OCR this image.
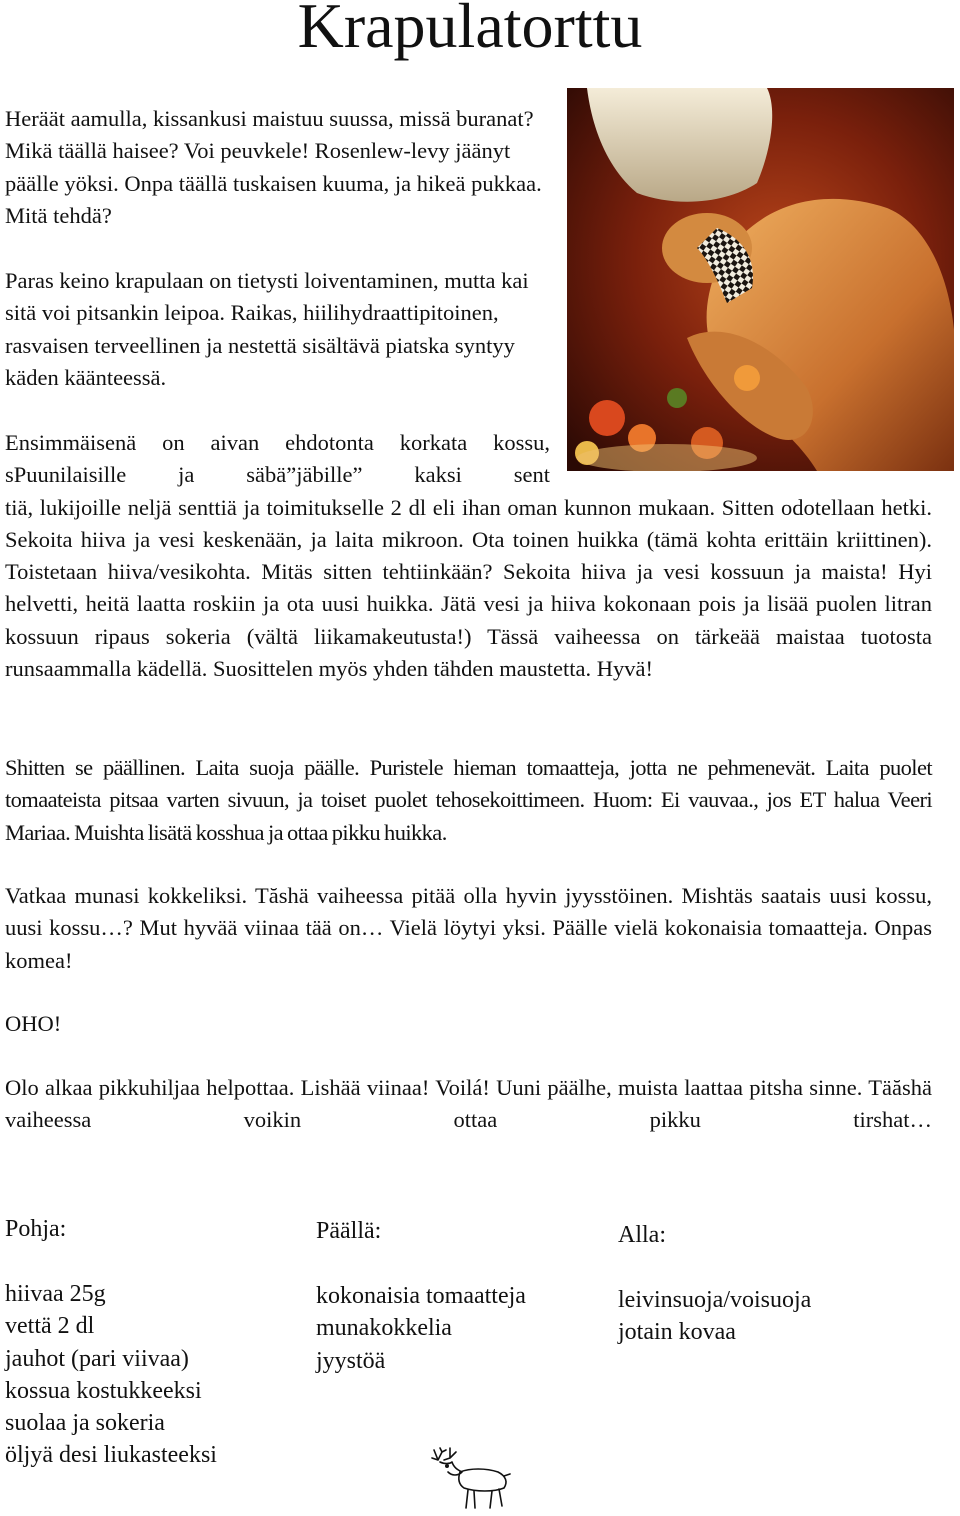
Krapulatorttu

Heräät aamulla, kissankusi maistuu suussa, missä buranat? Mikä täällä haisee? Voi peuvkele! Rosenlew-levy jäänyt päälle yöksi. Onpa täällä tuskaisen kuuma, ja hikeä pukkaa. Mitä tehdä?

Paras keino krapulaan on tietysti loiventaminen, mutta kai sitä voi pitsankin leipoa. Raikas, hiilihydraattipitoinen, rasvaisen terveellinen ja nestettä sisältävä piatska syntyy käden käänteessä.

Ensimmäisenä on aivan ehdotonta korkata kossu, sPuunilaisille ja säbä”jäbille” kaksi sent
tiä, lukijoille neljä senttiä ja toimitukselle 2 dl eli ihan oman kunnon mukaan. Sitten odotellaan hetki. Sekoita hiiva ja vesi keskenään, ja laita mikroon. Ota toinen huikka (tämä kohta erittäin kriittinen). Toistetaan hiiva/vesikohta. Mitäs sitten tehtiinkään? Sekoita hiiva ja vesi kossuun ja maista! Hyi helvetti, heitä laatta roskiin ja ota uusi huikka. Jätä vesi ja hiiva kokonaan pois ja lisää puolen litran kossuun ripaus sokeria (vältä liikamakeutusta!) Tässä vaiheessa on tärkeää maistaa tuotosta runsaammalla kädellä. Suosittelen myös yhden tähden maustetta. Hyvä!

Shitten se päällinen. Laita suoja päälle. Puristele hieman tomaatteja, jotta ne pehmenevät. Laita puolet tomaateista pitsaa varten sivuun, ja toiset puolet tehosekoittimeen. Huom: Ei vauvaa., jos ET halua Veeri Mariaa. Muishta lisätä kosshua ja ottaa pikku huikka.

Vatkaa munasi kokkeliksi. Tăshä vaiheessa pitää olla hyvin jyysstöinen. Mishtäs saatais uusi kossu, uusi kossu…? Mut hyvää viinaa tää on… Vielä löytyi yksi. Päälle vielä kokonaisia tomaatteja. Onpas komea!

OHO!

Olo alkaa pikkuhiljaa helpottaa. Lishää viinaa! Voilá! Uuni päälhe, muista laattaa pitsha sinne. Täăshä vaiheessa voikin ottaa pikku tirshat…

Pohja:

hiivaa 25g
vettä 2 dl
jauhot (pari viivaa)
kossua kostukkeeksi
suolaa ja sokeria
öljyä desi liukasteeksi

Päällä:

kokonaisia tomaatteja
munakokkelia
jyystöä

Alla:

leivinsuoja/voisuoja
jotain kovaa
